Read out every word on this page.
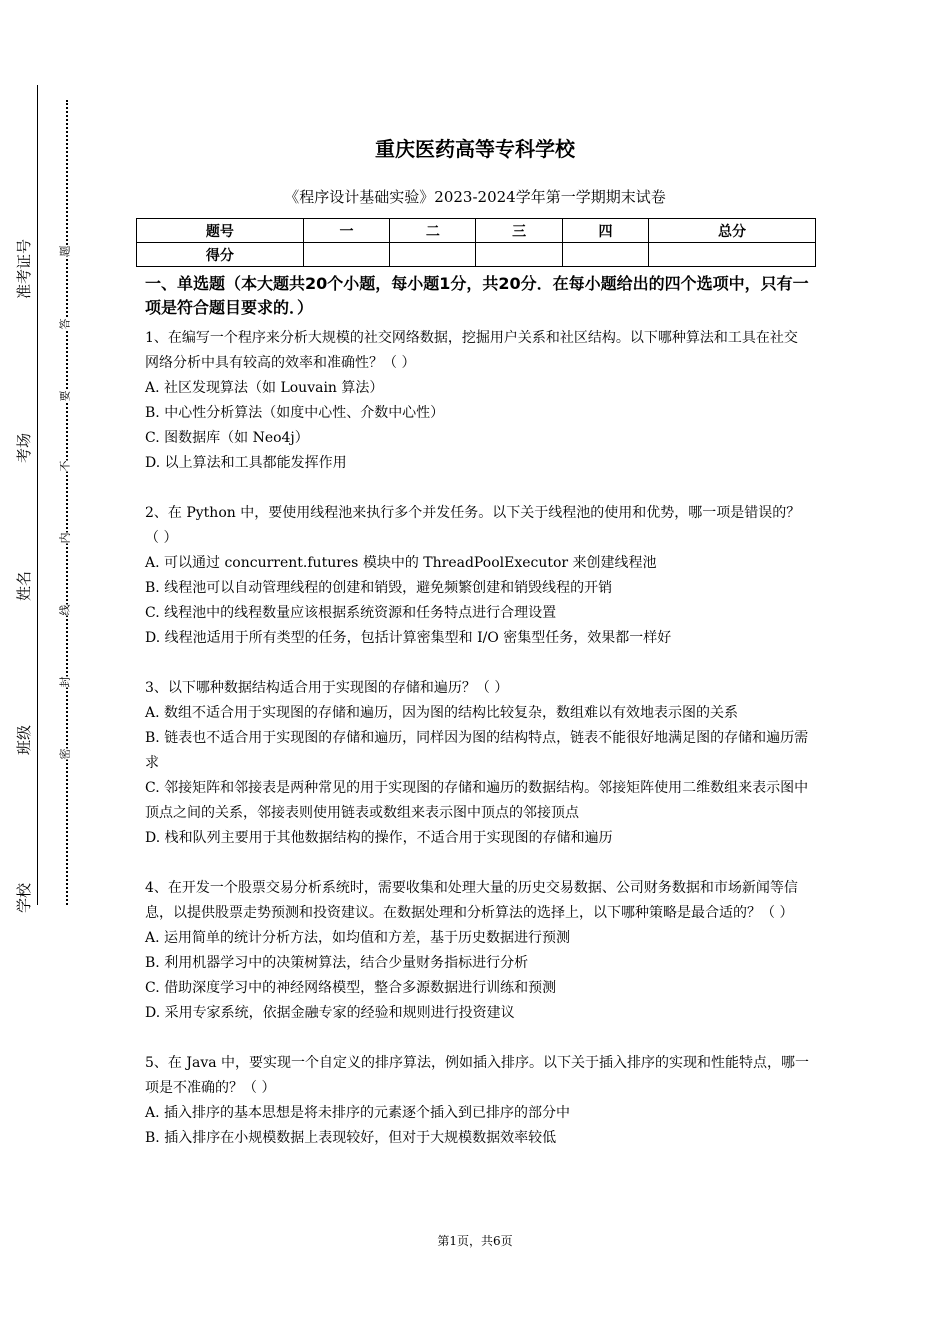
准考证号
考场
姓名
班级
学校
题
答
要
不
内
线
封
密
重庆医药高等专科学校
《程序设计基础实验》2023-2024学年第一学期期末试卷
题号	一	二	三	四	总分
得分					
一、单选题（本大题共20个小题，每小题1分，共20分．在每小题给出的四个选项中，只有一项是符合题目要求的．）

1、在编写一个程序来分析大规模的社交网络数据，挖掘用户关系和社区结构。以下哪种算法和工具在社交网络分析中具有较高的效率和准确性？（ ）

A. 社区发现算法（如 Louvain 算法）

B. 中心性分析算法（如度中心性、介数中心性）

C. 图数据库（如 Neo4j）

D. 以上算法和工具都能发挥作用

2、在 Python 中，要使用线程池来执行多个并发任务。以下关于线程池的使用和优势，哪一项是错误的？（ ）

A. 可以通过 concurrent.futures 模块中的 ThreadPoolExecutor 来创建线程池

B. 线程池可以自动管理线程的创建和销毁，避免频繁创建和销毁线程的开销

C. 线程池中的线程数量应该根据系统资源和任务特点进行合理设置

D. 线程池适用于所有类型的任务，包括计算密集型和 I/O 密集型任务，效果都一样好

3、以下哪种数据结构适合用于实现图的存储和遍历？（ ）

A. 数组不适合用于实现图的存储和遍历，因为图的结构比较复杂，数组难以有效地表示图的关系

B. 链表也不适合用于实现图的存储和遍历，同样因为图的结构特点，链表不能很好地满足图的存储和遍历需求

C. 邻接矩阵和邻接表是两种常见的用于实现图的存储和遍历的数据结构。邻接矩阵使用二维数组来表示图中顶点之间的关系，邻接表则使用链表或数组来表示图中顶点的邻接顶点

D. 栈和队列主要用于其他数据结构的操作，不适合用于实现图的存储和遍历

4、在开发一个股票交易分析系统时，需要收集和处理大量的历史交易数据、公司财务数据和市场新闻等信息，以提供股票走势预测和投资建议。在数据处理和分析算法的选择上，以下哪种策略是最合适的？（ ）

A. 运用简单的统计分析方法，如均值和方差，基于历史数据进行预测

B. 利用机器学习中的决策树算法，结合少量财务指标进行分析

C. 借助深度学习中的神经网络模型，整合多源数据进行训练和预测

D. 采用专家系统，依据金融专家的经验和规则进行投资建议

5、在 Java 中，要实现一个自定义的排序算法，例如插入排序。以下关于插入排序的实现和性能特点，哪一项是不准确的？（ ）

A. 插入排序的基本思想是将未排序的元素逐个插入到已排序的部分中

B. 插入排序在小规模数据上表现较好，但对于大规模数据效率较低

第1页，共6页
